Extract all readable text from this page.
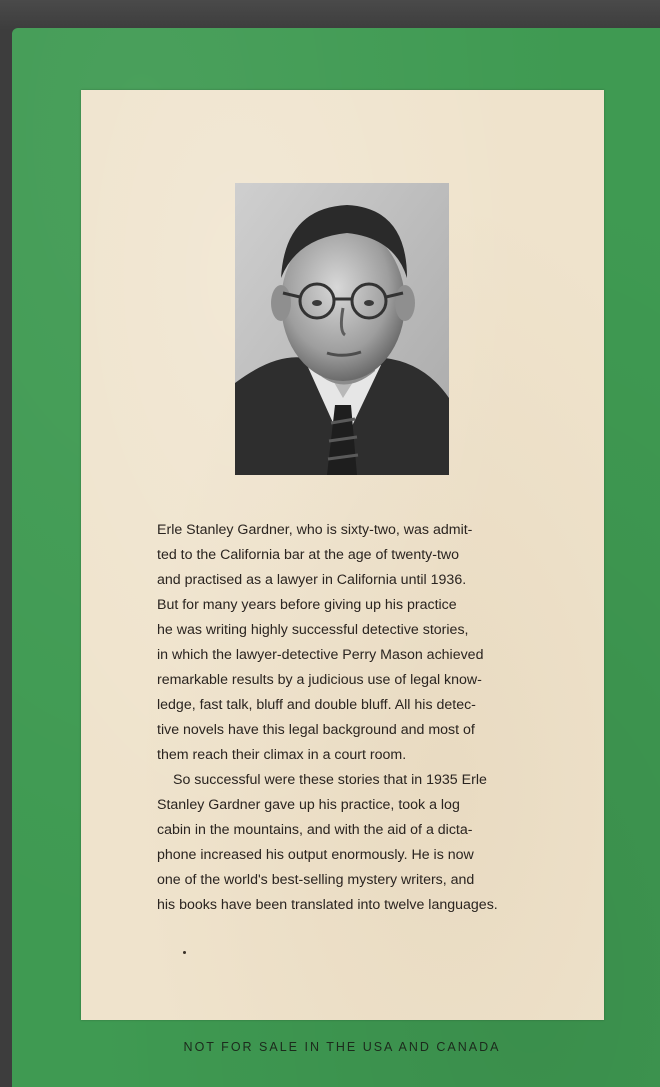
Erle Stanley Gardner, who is sixty-two, was admit-
ted to the California bar at the age of twenty-two
and practised as a lawyer in California until 1936.
But for many years before giving up his practice
he was writing highly successful detective stories,
in which the lawyer-detective Perry Mason achieved
remarkable results by a judicious use of legal know-
ledge, fast talk, bluff and double bluff. All his detec-
tive novels have this legal background and most of
them reach their climax in a court room.

So successful were these stories that in 1935 Erle
Stanley Gardner gave up his practice, took a log
cabin in the mountains, and with the aid of a dicta-
phone increased his output enormously. He is now
one of the world's best-selling mystery writers, and
his books have been translated into twelve languages.

NOT FOR SALE IN THE USA AND CANADA
